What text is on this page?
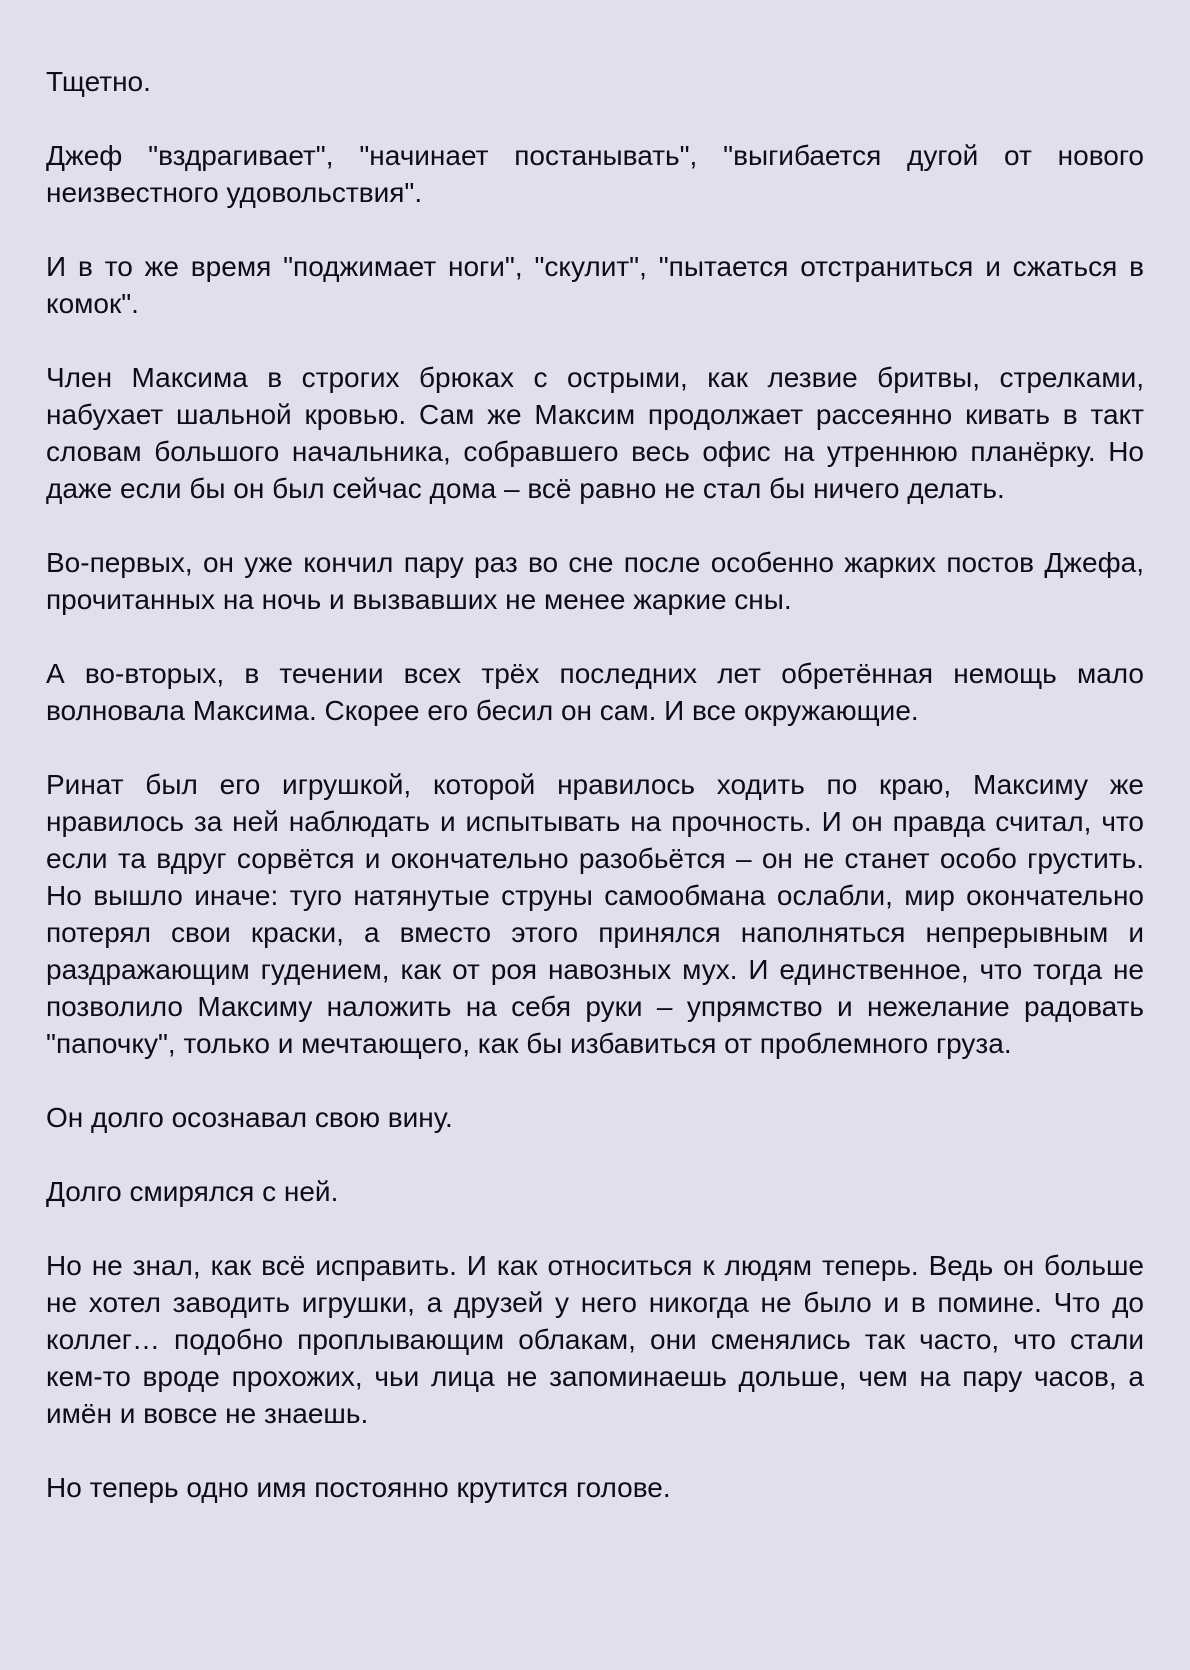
Тщетно.

Джеф "вздрагивает", "начинает постанывать", "выгибается дугой от нового неизвестного удовольствия".

И в то же время "поджимает ноги", "скулит", "пытается отстраниться и сжаться в комок".

Член Максима в строгих брюках с острыми, как лезвие бритвы, стрелками, набухает шальной кровью. Сам же Максим продолжает рассеянно кивать в такт словам большого начальника, собравшего весь офис на утреннюю планёрку. Но даже если бы он был сейчас дома – всё равно не стал бы ничего делать.

Во-первых, он уже кончил пару раз во сне после особенно жарких постов Джефа, прочитанных на ночь и вызвавших не менее жаркие сны.

А во-вторых, в течении всех трёх последних лет обретённая немощь мало волновала Максима. Скорее его бесил он сам. И все окружающие.

Ринат был его игрушкой, которой нравилось ходить по краю, Максиму же нравилось за ней наблюдать и испытывать на прочность. И он правда считал, что если та вдруг сорвётся и окончательно разобьётся – он не станет особо грустить. Но вышло иначе: туго натянутые струны самообмана ослабли, мир окончательно потерял свои краски, а вместо этого принялся наполняться непрерывным и раздражающим гудением, как от роя навозных мух. И единственное, что тогда не позволило Максиму наложить на себя руки – упрямство и нежелание радовать "папочку", только и мечтающего, как бы избавиться от проблемного груза.

Он долго осознавал свою вину.

Долго смирялся с ней.

Но не знал, как всё исправить. И как относиться к людям теперь. Ведь он больше не хотел заводить игрушки, а друзей у него никогда не было и в помине. Что до коллег… подобно проплывающим облакам, они сменялись так часто, что стали кем-то вроде прохожих, чьи лица не запоминаешь дольше, чем на пару часов, а имён и вовсе не знаешь.

Но теперь одно имя постоянно крутится голове.
